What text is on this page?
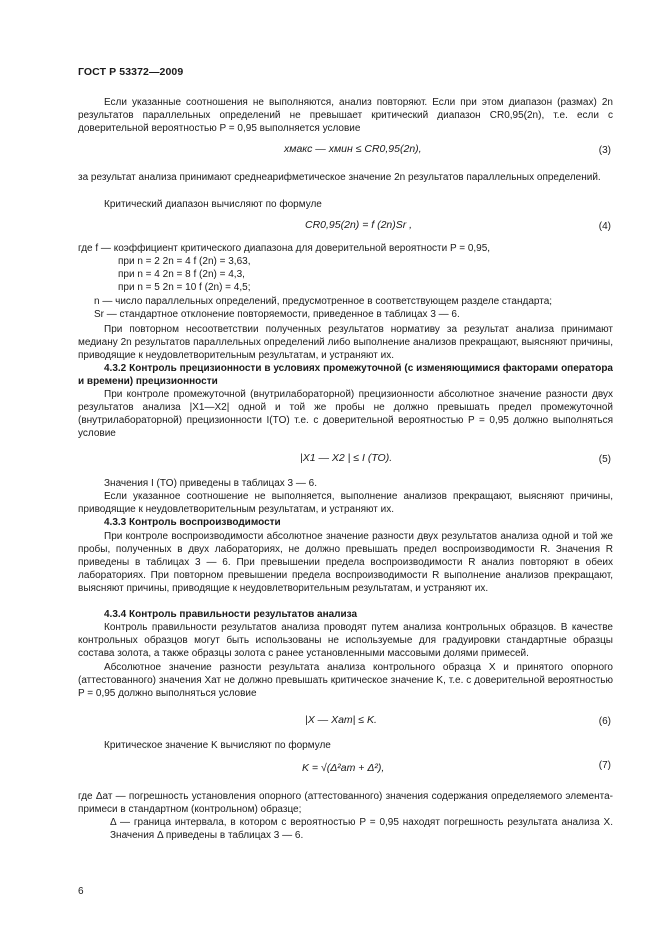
ГОСТ Р 53372—2009
Если указанные соотношения не выполняются, анализ повторяют. Если при этом диапазон (размах) 2n результатов параллельных определений не превышает критический диапазон CR0,95(2n), т.е. если с доверительной вероятностью P = 0,95 выполняется условие
xмакс — xмин ≤ CR0,95(2n),	(3)
за результат анализа принимают среднеарифметическое значение 2n результатов параллельных определений.
Критический диапазон вычисляют по формуле
CR0,95(2n) = f (2n)Sr ,	(4)
где f — коэффициент критического диапазона для доверительной вероятности P = 0,95,
при n = 2 2n = 4 f (2n) = 3,63,
при n = 4 2n = 8 f (2n) = 4,3,
при n = 5 2n = 10 f (2n) = 4,5;
n — число параллельных определений, предусмотренное в соответствующем разделе стандарта;
Sr — стандартное отклонение повторяемости, приведенное в таблицах 3 — 6.
При повторном несоответствии полученных результатов нормативу за результат анализа принимают медиану 2n результатов параллельных определений либо выполнение анализов прекращают, выясняют причины, приводящие к неудовлетворительным результатам, и устраняют их.
4.3.2 Контроль прецизионности в условиях промежуточной (с изменяющимися факторами оператора и времени) прецизионности
При контроле промежуточной (внутрилабораторной) прецизионности абсолютное значение разности двух результатов анализа |X1—X2| одной и той же пробы не должно превышать предел промежуточной (внутрилабораторной) прецизионности I(TO) т.е. с доверительной вероятностью P = 0,95 должно выполняться условие
|X1 — X2 | ≤ I (TO).	(5)
Значения I (TO) приведены в таблицах 3 — 6.
Если указанное соотношение не выполняется, выполнение анализов прекращают, выясняют причины, приводящие к неудовлетворительным результатам, и устраняют их.
4.3.3 Контроль воспроизводимости
При контроле воспроизводимости абсолютное значение разности двух результатов анализа одной и той же пробы, полученных в двух лабораториях, не должно превышать предел воспроизводимости R. Значения R приведены в таблицах 3 — 6. При превышении предела воспроизводимости R анализ повторяют в обеих лабораториях. При повторном превышении предела воспроизводимости R выполнение анализов прекращают, выясняют причины, приводящие к неудовлетворительным результатам, и устраняют их.
4.3.4 Контроль правильности результатов анализа
Контроль правильности результатов анализа проводят путем анализа контрольных образцов. В качестве контрольных образцов могут быть использованы не используемые для градуировки стандартные образцы состава золота, а также образцы золота с ранее установленными массовыми долями примесей.
Абсолютное значение разности результата анализа контрольного образца X и принятого опорного (аттестованного) значения Xат не должно превышать критическое значение K, т.е. с доверительной вероятностью P = 0,95 должно выполняться условие
|X — Xат| ≤ K.	(6)
Критическое значение K вычисляют по формуле
K = √(Δ²ат + Δ²),	(7)
где Δат — погрешность установления опорного (аттестованного) значения содержания определяемого элемента-примеси в стандартном (контрольном) образце;
Δ — граница интервала, в котором с вероятностью P = 0,95 находят погрешность результата анализа X. Значения Δ приведены в таблицах 3 — 6.
6
